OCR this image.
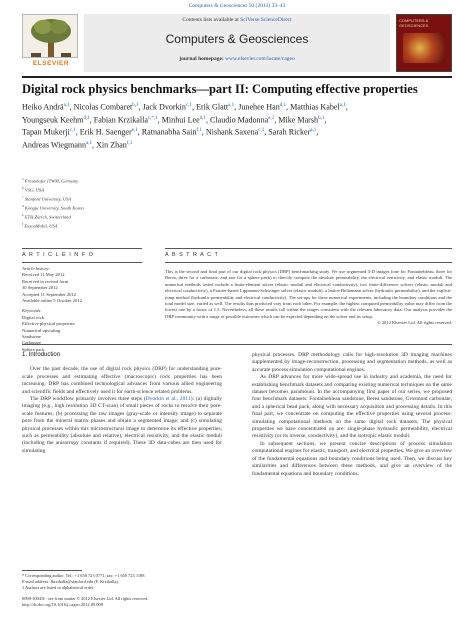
Computers & Geosciences 50 (2013) 33–43
ELSEVIER
Contents lists available at SciVerse ScienceDirect
Computers & Geosciences
journal homepage: www.elsevier.com/locate/cageo
COMPUTERS & GEOSCIENCES
Digital rock physics benchmarks—part II: Computing effective properties
Heiko Andrä$^{a,1}$, Nicolas Combaret$^{b,1}$, Jack Dvorkin$^{c,1}$, Erik Glatt$^{a,1}$, Junehee Han$^{d,1}$, Matthias Kabel$^{a,1}$,
Youngseuk Keehm$^{d,1}$, Fabian Krzikalla$^{c,*,1}$, Minhui Lee$^{d,1}$, Claudio Madonna$^{e,1}$, Mike Marsh$^{b,1}$,
Tapan Mukerji$^{c,1}$, Erik H. Saenger$^{e,1}$, Ratnanabha Sain$^{f,1}$, Nishank Saxena$^{c,1}$, Sarah Ricker$^{a,1}$,
Andreas Wiegmann$^{a,1}$, Xin Zhan$^{f,1}$
$^a$ Fraunhofer ITWM, Germany
$^b$ VSG, USA
$^c$ Stanford University, USA
$^d$ Kongju University, South Korea
$^e$ ETH Zürich, Switzerland
$^f$ ExxonMobil, USA
A R T I C L E I N F O	A B S T R A C T
Article history:
Received 11 May 2012
Received in revised form
30 September 2012
Accepted 11 September 2012
Available online 5 October 2012
Keywords:
Digital rock
Effective physical properties
Numerical upscaling
Sandstone
Carbonate
Sphere pack

This is the second and final part of our digital rock physics (DRP) benchmarking study. We use segmented 3-D images (one for Fontainebleau, three for Berea, three for a carbonate, and one for a sphere pack) to directly compute the absolute permeability, the electrical resistivity, and elastic moduli. The numerical methods tested include a finite-element solver (elastic moduli and electrical conductivity), two finite-difference solvers (elastic moduli and electrical conductivity), a Fourier-based Lippmann-Schwinger solver (elastic moduli), a lattice-Boltzmann solver (hydraulic permeability), and the explicit-jump method (hydraulic permeability and electrical conductivity). The set-ups for these numerical experiments, including the boundary conditions and the total model size, varied as well. The results thus produced vary from each other. For example, the highest computed permeability value may differ from the lowest one by a factor of 1.5. Nevertheless, all these results fall within the ranges consistent with the relevant laboratory data. Our analysis provides the DRP community with a range of possible outcomes which can be expected depending on the solver and its setup.

© 2012 Elsevier Ltd. All rights reserved.

1. Introduction

Over the past decade, the use of digital rock physics (DRP) for understanding pore-scale processes and estimating effective (macroscopic) rock properties has been increasing. DRP has combined technological advances from various allied engineering and scientific fields and effectively used it for earth-science related problems.

The DRP workflow primarily involves three steps (Dvorkin et al., 2011): (a) digitally imaging (e.g., high resolution 3D CT-scan) of small pieces of rocks to resolve their pore-scale features; (b) processing the raw images (gray-scale or intensity image) to separate pore from the mineral matrix phases and obtain a segmented image; and (c) simulating physical processes within this microstructural image to determine its effective properties, such as permeability (absolute and relative), electrical resistivity, and the elastic moduli (including the anisotropy constants if required). These 3D data-cubes are then used for simulating

physical processes. DRP methodology calls for high-resolution 3D imaging machines supplemented by image-reconstruction, processing and segmentation methods, as well as accurate process simulation computational engines.

As DRP advances for more wide-spread use in industry and academia, the need for establishing benchmark datasets and comparing existing numerical techniques on the same dataset becomes paramount. In the accompanying first paper of our series, we proposed four benchmark datasets: Fontainebleau sandstone, Berea sandstone, Grosmont carbonate, and a spherical bead pack, along with necessary acquisition and processing details. In this final part, we concentrate on computing the effective properties using several process-simulating computational methods on the same digital rock datasets. The physical properties we have concentrated on are: single-phase hydraulic permeability, electrical resistivity (or its inverse, conductivity), and the isotropic elastic moduli.

In subsequent sections, we present concise descriptions of process simulation computational engines for elastic, transport, and electrical properties. We give an overview of the fundamental equations and boundary conditions being used. Then, we discuss key similarities and differences between these methods, and give an overview of the fundamental equations and boundary conditions.

* Corresponding author. Tel.: +1 650 723 0771; fax: +1 650 723 1188.
E-mail address: fkrzikalla@stanford.edu (F. Krzikalla).
1 Authors are listed in alphabetical order.
0098-3004/$ - see front matter © 2012 Elsevier Ltd. All rights reserved.
http://dx.doi.org/10.1016/j.cageo.2012.09.008
